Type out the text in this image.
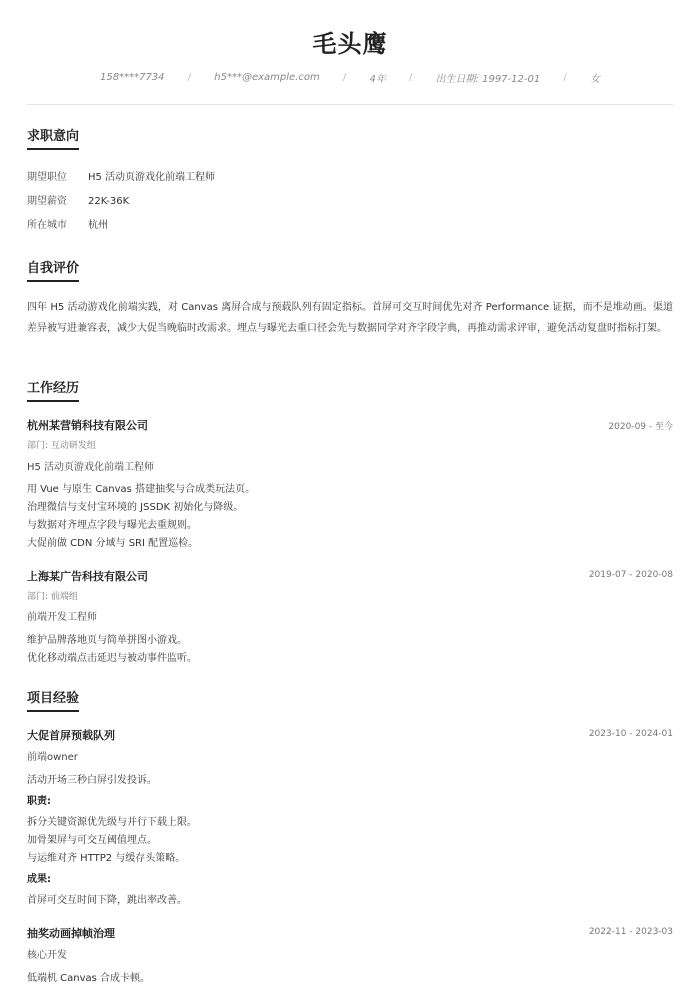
毛头鹰
158****7734 / h5***@example.com / 4年 / 出生日期: 1997-12-01 / 女
求职意向
期望职位 H5 活动页游戏化前端工程师
期望薪资 22K-36K
所在城市 杭州
自我评价
四年 H5 活动游戏化前端实践，对 Canvas 离屏合成与预载队列有固定指标。首屏可交互时间优先对齐 Performance 证据，而不是堆动画。渠道差异被写进兼容表，减少大促当晚临时改需求。埋点与曝光去重口径会先与数据同学对齐字段字典，再推动需求评审，避免活动复盘时指标打架。
工作经历
杭州某营销科技有限公司	2020-09 - 至今
部门: 互动研发组
H5 活动页游戏化前端工程师
用 Vue 与原生 Canvas 搭建抽奖与合成类玩法页。
治理微信与支付宝环境的 JSSDK 初始化与降级。
与数据对齐埋点字段与曝光去重规则。
大促前做 CDN 分域与 SRI 配置巡检。
上海某广告科技有限公司	2019-07 - 2020-08
部门: 前端组
前端开发工程师
维护品牌落地页与简单拼图小游戏。
优化移动端点击延迟与被动事件监听。
项目经验
大促首屏预载队列	2023-10 - 2024-01
前端owner
活动开场三秒白屏引发投诉。
职责:
拆分关键资源优先级与并行下载上限。
加骨架屏与可交互阈值埋点。
与运维对齐 HTTP2 与缓存头策略。
成果:
首屏可交互时间下降，跳出率改善。
抽奖动画掉帧治理	2022-11 - 2023-03
核心开发
低端机 Canvas 合成卡顿。
